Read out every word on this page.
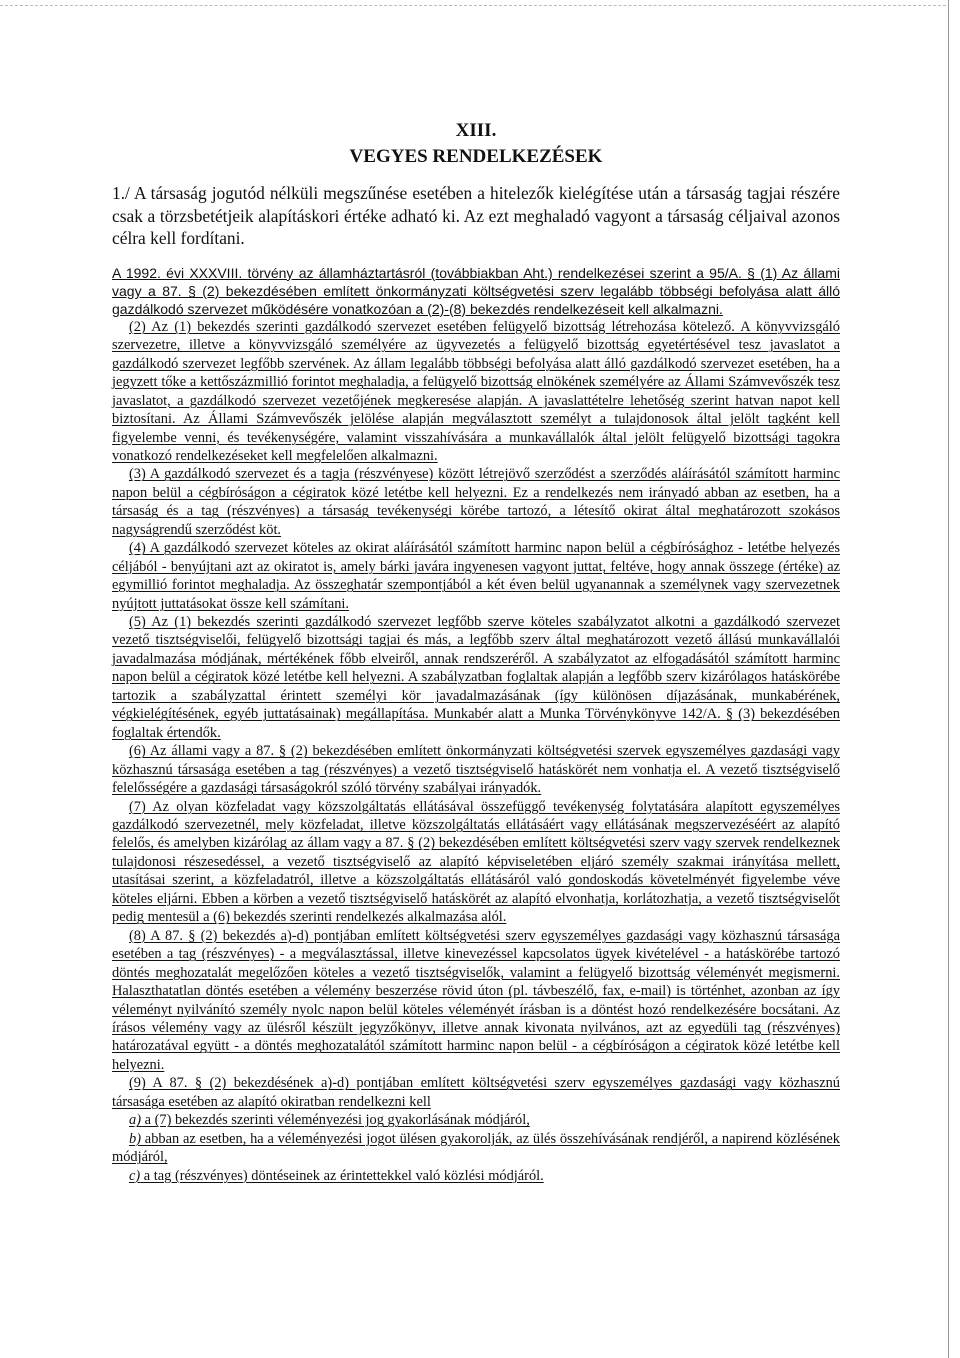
XIII.
VEGYES RENDELKEZÉSEK

1./ A társaság jogutód nélküli megszűnése esetében a hitelezők kielégítése után a társaság tagjai részére csak a törzsbetétjeik alapításkori értéke adható ki. Az ezt meghaladó vagyont a társaság céljaival azonos célra kell fordítani.

A 1992. évi XXXVIII. törvény az államháztartásról (továbbiakban Aht.) rendelkezései szerint a 95/A. § (1) Az állami vagy a 87. § (2) bekezdésében említett önkormányzati költségvetési szerv legalább többségi befolyása alatt álló gazdálkodó szervezet működésére vonatkozóan a (2)-(8) bekezdés rendelkezéseit kell alkalmazni.

(2) Az (1) bekezdés szerinti gazdálkodó szervezet esetében felügyelő bizottság létrehozása kötelező. A könyvvizsgáló szervezetre, illetve a könyvvizsgáló személyére az ügyvezetés a felügyelő bizottság egyetértésével tesz javaslatot a gazdálkodó szervezet legfőbb szervének. Az állam legalább többségi befolyása alatt álló gazdálkodó szervezet esetében, ha a jegyzett tőke a kettőszázmillió forintot meghaladja, a felügyelő bizottság elnökének személyére az Állami Számvevőszék tesz javaslatot, a gazdálkodó szervezet vezetőjének megkeresése alapján. A javaslattételre lehetőség szerint hatvan napot kell biztosítani. Az Állami Számvevőszék jelölése alapján megválasztott személyt a tulajdonosok által jelölt tagként kell figyelembe venni, és tevékenységére, valamint visszahívására a munkavállalók által jelölt felügyelő bizottsági tagokra vonatkozó rendelkezéseket kell megfelelően alkalmazni.

(3) A gazdálkodó szervezet és a tagja (részvényese) között létrejövő szerződést a szerződés aláírásától számított harminc napon belül a cégbíróságon a cégiratok közé letétbe kell helyezni. Ez a rendelkezés nem irányadó abban az esetben, ha a társaság és a tag (részvényes) a társaság tevékenységi körébe tartozó, a létesítő okirat által meghatározott szokásos nagyságrendű szerződést köt.

(4) A gazdálkodó szervezet köteles az okirat aláírásától számított harminc napon belül a cégbírósághoz - letétbe helyezés céljából - benyújtani azt az okiratot is, amely bárki javára ingyenesen vagyont juttat, feltéve, hogy annak összege (értéke) az egymillió forintot meghaladja. Az összeghatár szempontjából a két éven belül ugyanannak a személynek vagy szervezetnek nyújtott juttatásokat össze kell számítani.

(5) Az (1) bekezdés szerinti gazdálkodó szervezet legfőbb szerve köteles szabályzatot alkotni a gazdálkodó szervezet vezető tisztségviselői, felügyelő bizottsági tagjai és más, a legfőbb szerv által meghatározott vezető állású munkavállalói javadalmazása módjának, mértékének főbb elveiről, annak rendszeréről. A szabályzatot az elfogadásától számított harminc napon belül a cégiratok közé letétbe kell helyezni. A szabályzatban foglaltak alapján a legfőbb szerv kizárólagos hatáskörébe tartozik a szabályzattal érintett személyi kör javadalmazásának (így különösen díjazásának, munkabérének, végkielégítésének, egyéb juttatásainak) megállapítása. Munkabér alatt a Munka Törvénykönyve 142/A. § (3) bekezdésében foglaltak értendők.

(6) Az állami vagy a 87. § (2) bekezdésében említett önkormányzati költségvetési szervek egyszemélyes gazdasági vagy közhasznú társasága esetében a tag (részvényes) a vezető tisztségviselő hatáskörét nem vonhatja el. A vezető tisztségviselő felelősségére a gazdasági társaságokról szóló törvény szabályai irányadók.

(7) Az olyan közfeladat vagy közszolgáltatás ellátásával összefüggő tevékenység folytatására alapított egyszemélyes gazdálkodó szervezetnél, mely közfeladat, illetve közszolgáltatás ellátásáért vagy ellátásának megszervezéséért az alapító felelős, és amelyben kizárólag az állam vagy a 87. § (2) bekezdésében említett költségvetési szerv vagy szervek rendelkeznek tulajdonosi részesedéssel, a vezető tisztségviselő az alapító képviseletében eljáró személy szakmai irányítása mellett, utasításai szerint, a közfeladatról, illetve a közszolgáltatás ellátásáról való gondoskodás követelményét figyelembe véve köteles eljárni. Ebben a körben a vezető tisztségviselő hatáskörét az alapító elvonhatja, korlátozhatja, a vezető tisztségviselőt pedig mentesül a (6) bekezdés szerinti rendelkezés alkalmazása alól.

(8) A 87. § (2) bekezdés a)-d) pontjában említett költségvetési szerv egyszemélyes gazdasági vagy közhasznú társasága esetében a tag (részvényes) - a megválasztással, illetve kinevezéssel kapcsolatos ügyek kivételével - a hatáskörébe tartozó döntés meghozatalát megelőzően köteles a vezető tisztségviselők, valamint a felügyelő bizottság véleményét megismerni. Halaszthatatlan döntés esetében a vélemény beszerzése rövid úton (pl. távbeszélő, fax, e-mail) is történhet, azonban az így véleményt nyilvánító személy nyolc napon belül köteles véleményét írásban is a döntést hozó rendelkezésére bocsátani. Az írásos vélemény vagy az ülésről készült jegyzőkönyv, illetve annak kivonata nyilvános, azt az egyedüli tag (részvényes) határozatával együtt - a döntés meghozatalától számított harminc napon belül - a cégbíróságon a cégiratok közé letétbe kell helyezni.

(9) A 87. § (2) bekezdésének a)-d) pontjában említett költségvetési szerv egyszemélyes gazdasági vagy közhasznú társasága esetében az alapító okiratban rendelkezni kell

a) a (7) bekezdés szerinti véleményezési jog gyakorlásának módjáról,

b) abban az esetben, ha a véleményezési jogot ülésen gyakorolják, az ülés összehívásának rendjéről, a napirend közlésének módjáról,

c) a tag (részvényes) döntéseinek az érintettekkel való közlési módjáról.
